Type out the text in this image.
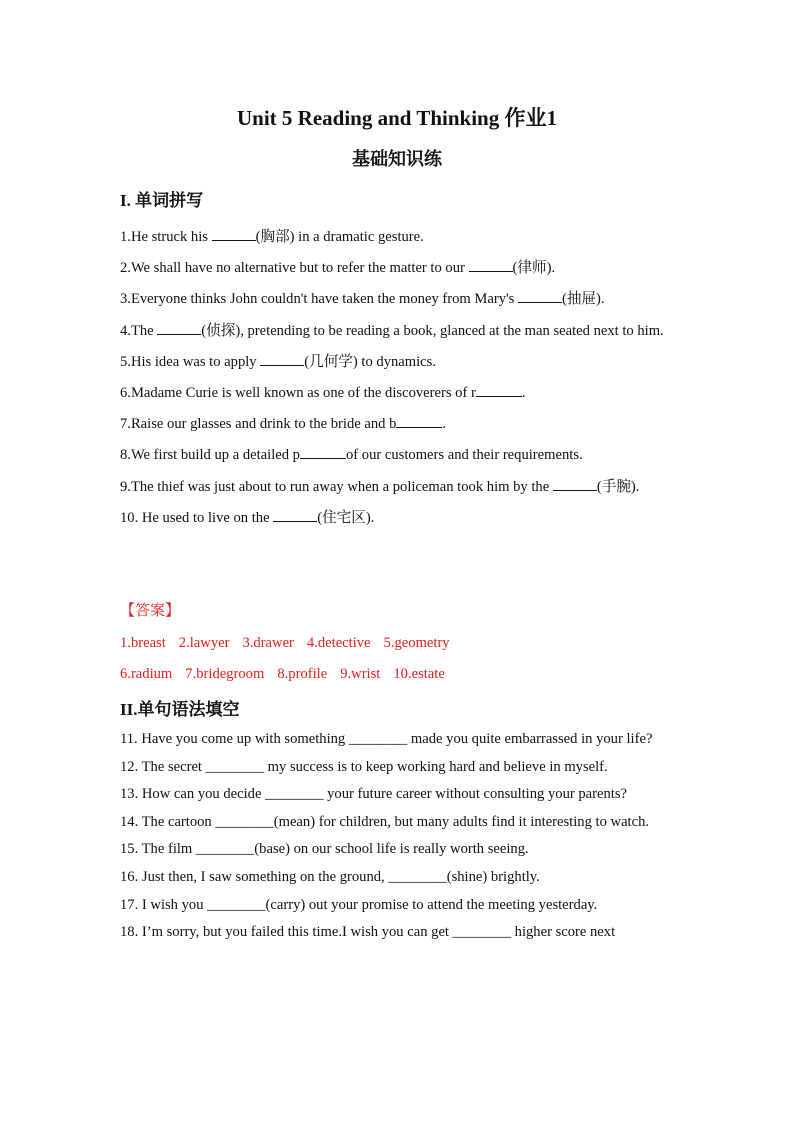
Unit 5 Reading and Thinking 作业1
基础知识练
I. 单词拼写

1.He struck his	(胸部) in a dramatic gesture.

2.We shall have no alternative but to refer the matter to our	(律师).

3.Everyone thinks John couldn't have taken the money from Mary's	(抽屉).

4.The	(侦探), pretending to be reading a book, glanced at the man seated next to him.

5.His idea was to apply	(几何学) to dynamics.

6.Madame Curie is well known as one of the discoverers of r	.

7.Raise our glasses and drink to the bride and b	.

8.We first build up a detailed p	of our customers and their requirements.

9.The thief was just about to run away when a policeman took him by the	(手腕).

10. He used to live on the	(住宅区).

【答案】
1.breast 2.lawyer 3.drawer 4.detective 5.geometry
6.radium 7.bridegroom 8.profile 9.wrist 10.estate
II.单句语法填空

11. Have you come up with something ________ made you quite embarrassed in your life?

12. The secret ________ my success is to keep working hard and believe in myself.

13. How can you decide ________ your future career without consulting your parents?

14. The cartoon ________(mean) for children, but many adults find it interesting to watch.

15. The film ________(base) on our school life is really worth seeing.

16. Just then, I saw something on the ground, ________(shine) brightly.

17. I wish you ________(carry) out your promise to attend the meeting yesterday.

18. I’m sorry, but you failed this time.I wish you can get ________ higher score next
